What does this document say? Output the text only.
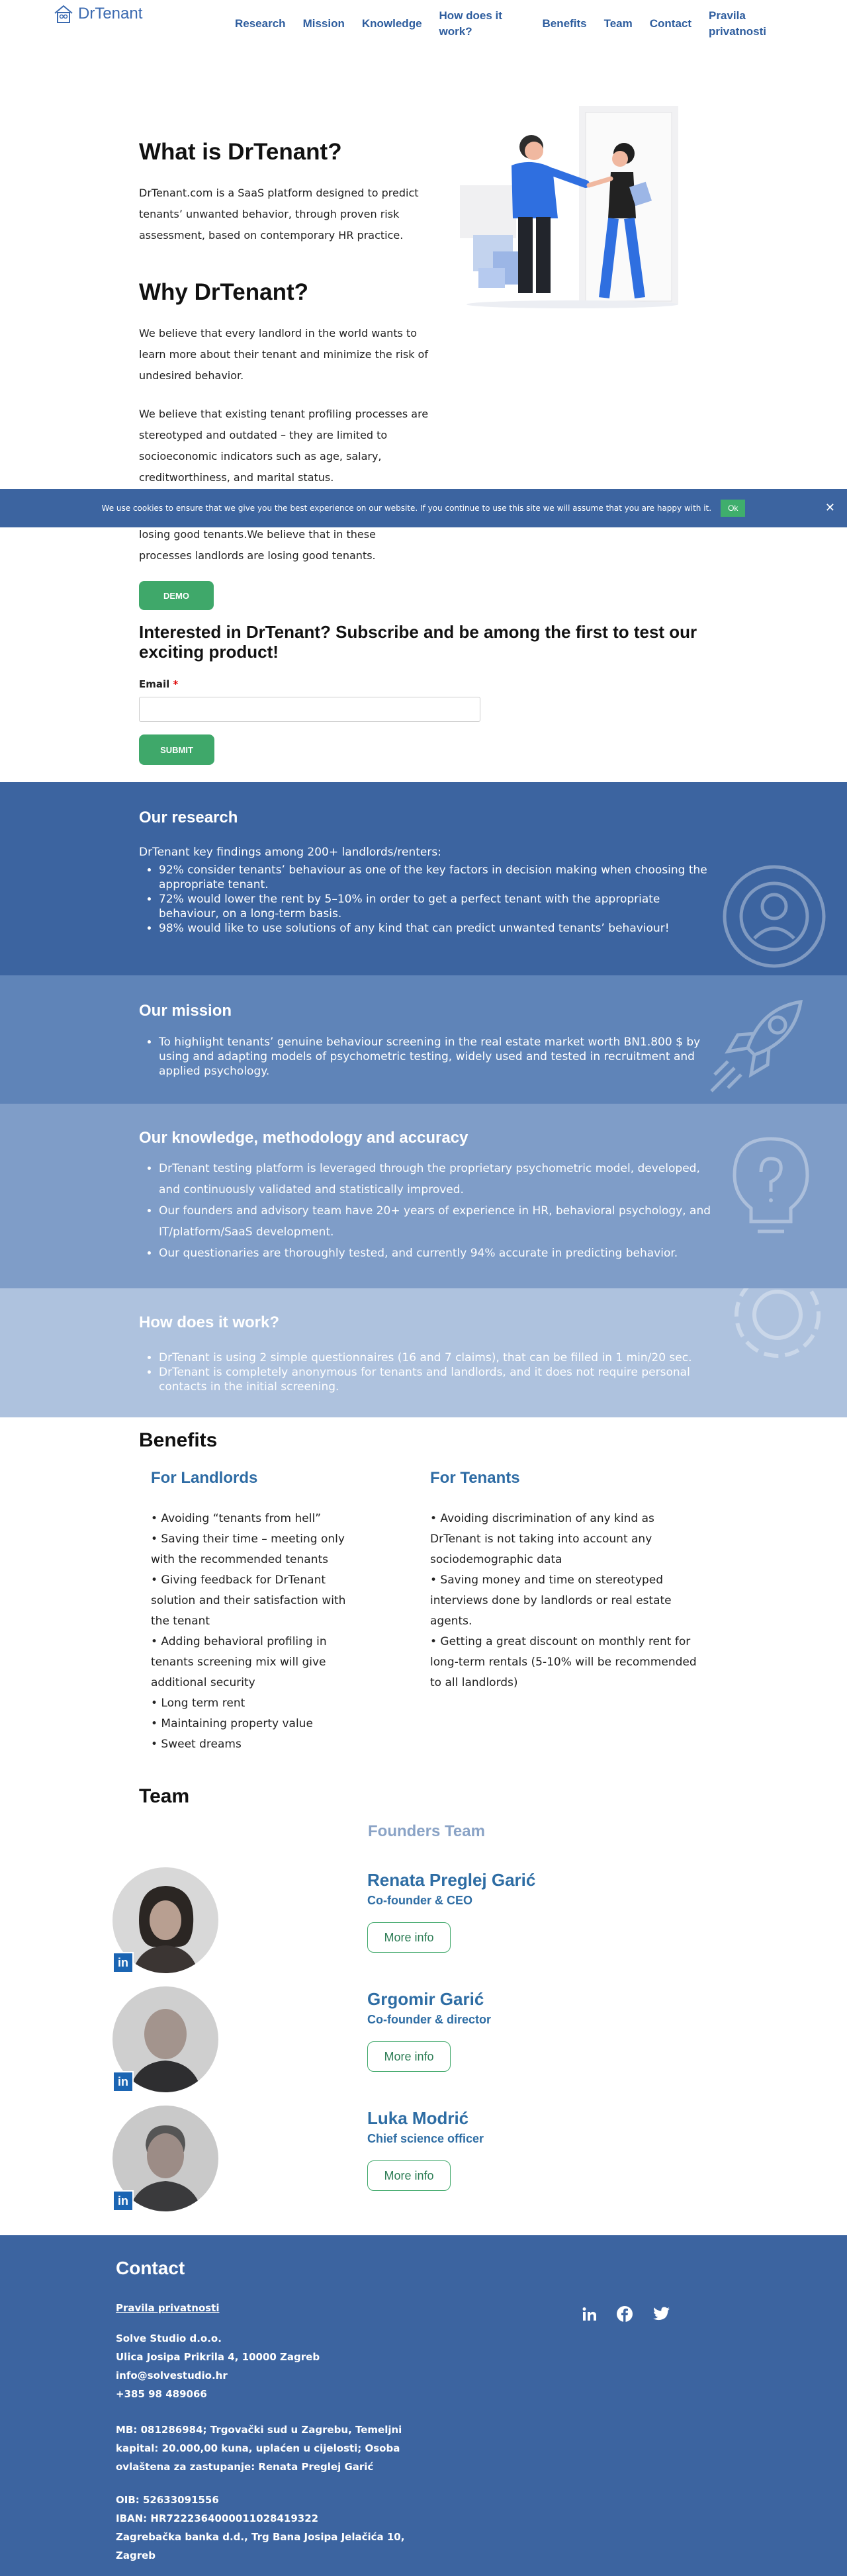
DrTenant
Research Mission Knowledge
How does it work?
Benefits Team Contact
Pravila privatnosti
What is DrTenant?

DrTenant.com is a SaaS platform designed to predict tenants’ unwanted behavior, through proven risk assessment, based on contemporary HR practice.

Why DrTenant?

We believe that every landlord in the world wants to learn more about their tenant and minimize the risk of undesired behavior.

We believe that existing tenant profiling processes are stereotyped and outdated – they are limited to socioeconomic indicators such as age, salary, creditworthiness, and marital status.

losing good tenants.We believe that in these processes landlords are losing good tenants.

We use cookies to ensure that we give you the best experience on our website. If you continue to use this site we will assume that you are happy with it.	Ok	✕
DEMO
Interested in DrTenant? Subscribe and be among the first to test our exciting product!
Email *
SUBMIT
Our research

DrTenant key findings among 200+ landlords/renters:

• 92% consider tenants’ behaviour as one of the key factors in decision making when choosing the appropriate tenant.
• 72% would lower the rent by 5–10% in order to get a perfect tenant with the appropriate behaviour, on a long-term basis.
• 98% would like to use solutions of any kind that can predict unwanted tenants’ behaviour!
Our mission
• To highlight tenants’ genuine behaviour screening in the real estate market worth BN1.800 $ by using and adapting models of psychometric testing, widely used and tested in recruitment and applied psychology.
Our knowledge, methodology and accuracy
• DrTenant testing platform is leveraged through the proprietary psychometric model, developed, and continuously validated and statistically improved.
• Our founders and advisory team have 20+ years of experience in HR, behavioral psychology, and IT/platform/SaaS development.
• Our questionaries are thoroughly tested, and currently 94% accurate in predicting behavior.
How does it work?
• DrTenant is using 2 simple questionnaires (16 and 7 claims), that can be filled in 1 min/20 sec.
• DrTenant is completely anonymous for tenants and landlords, and it does not require personal contacts in the initial screening.
Benefits
For Landlords
• Avoiding “tenants from hell”
• Saving their time – meeting only with the recommended tenants
• Giving feedback for DrTenant solution and their satisfaction with the tenant
• Adding behavioral profiling in tenants screening mix will give additional security
• Long term rent
• Maintaining property value
• Sweet dreams
For Tenants
• Avoiding discrimination of any kind as DrTenant is not taking into account any sociodemographic data
• Saving money and time on stereotyped interviews done by landlords or real estate agents.
• Getting a great discount on monthly rent for long-term rentals (5-10% will be recommended to all landlords)
Team
Founders Team
in
Renata Preglej Garić
Co-founder & CEO
More info
in
Grgomir Garić
Co-founder & director
More info
in
Luka Modrić
Chief science officer
More info
Contact
Pravila privatnosti
Solve Studio d.o.o.
Ulica Josipa Prikrila 4, 10000 Zagreb
info@solvestudio.hr
+385 98 489066
MB: 081286984; Trgovački sud u Zagrebu, Temeljni kapital: 20.000,00 kuna, uplaćen u cijelosti; Osoba ovlaštena za zastupanje: Renata Preglej Garić
OIB: 52633091556
IBAN: HR7222364000011028419322
Zagrebačka banka d.d., Trg Bana Josipa Jelačića 10, Zagreb
